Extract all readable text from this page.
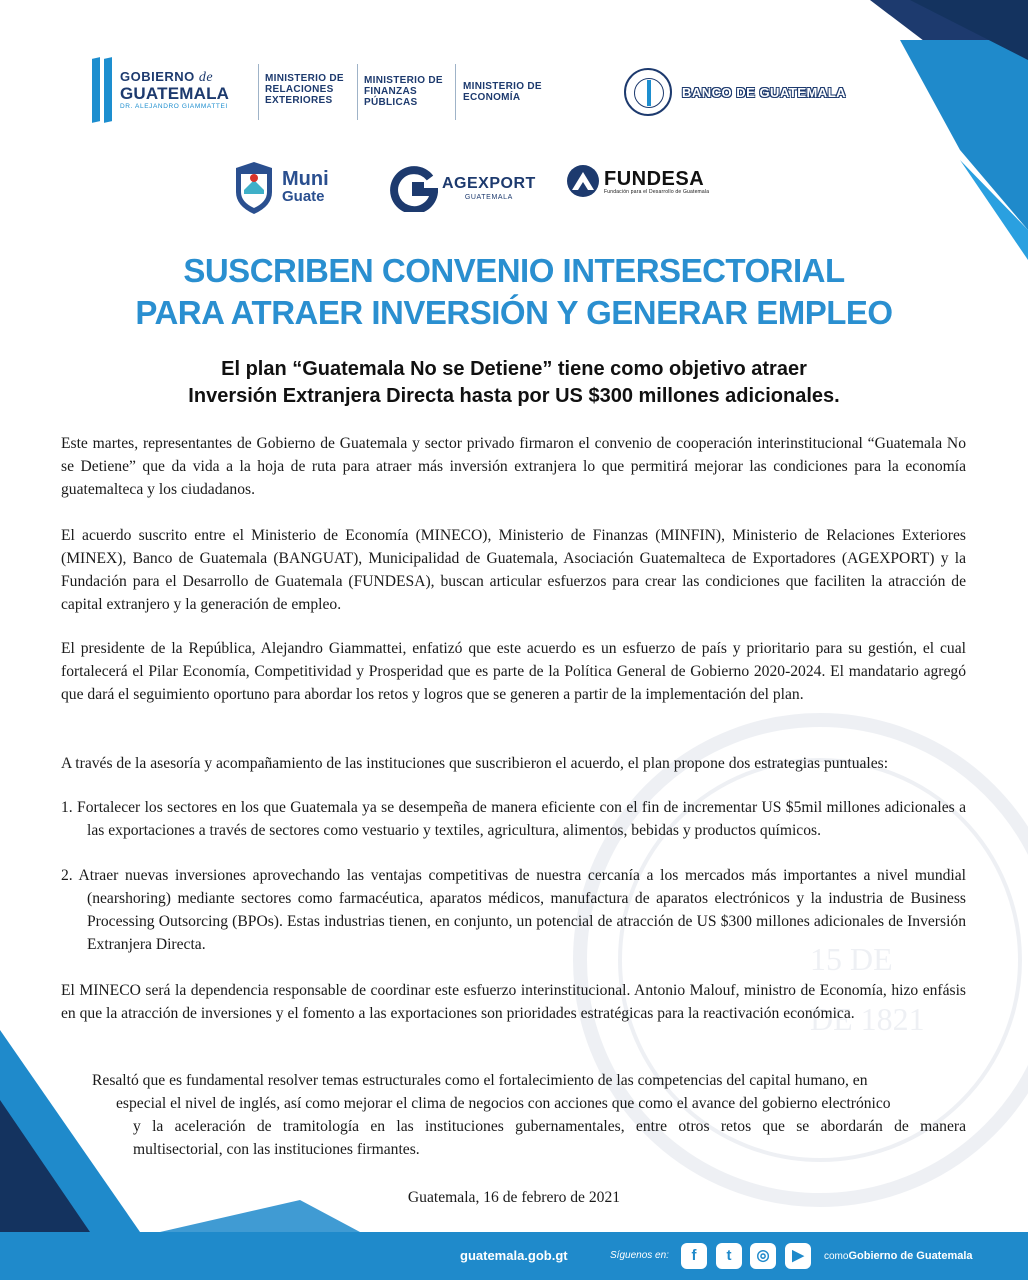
15 DE
DE 1821
GOBIERNO de
GUATEMALA
DR. ALEJANDRO GIAMMATTEI
MINISTERIO DE
RELACIONES
EXTERIORES
MINISTERIO DE
FINANZAS
PÚBLICAS
MINISTERIO DE
ECONOMÍA	BANCO DE GUATEMALA
Muni
Guate
AGEXPORT
GUATEMALA
FUNDESA
Fundación para el Desarrollo de Guatemala
SUSCRIBEN CONVENIO INTERSECTORIAL
PARA ATRAER INVERSIÓN Y GENERAR EMPLEO
El plan “Guatemala No se Detiene” tiene como objetivo atraer
Inversión Extranjera Directa hasta por US $300 millones adicionales.
Este martes, representantes de Gobierno de Guatemala y sector privado firmaron el convenio de cooperación interinstitucional “Guatemala No se Detiene” que da vida a la hoja de ruta para atraer más inversión extranjera lo que permitirá mejorar las condiciones para la economía guatemalteca y los ciudadanos.
El acuerdo suscrito entre el Ministerio de Economía (MINECO), Ministerio de Finanzas (MINFIN), Ministerio de Relaciones Exteriores (MINEX), Banco de Guatemala (BANGUAT), Municipalidad de Guatemala, Asociación Guatemalteca de Exportadores (AGEXPORT) y la Fundación para el Desarrollo de Guatemala (FUNDESA), buscan articular esfuerzos para crear las condiciones que faciliten la atracción de capital extranjero y la generación de empleo.
El presidente de la República, Alejandro Giammattei, enfatizó que este acuerdo es un esfuerzo de país y prioritario para su gestión, el cual fortalecerá el Pilar Economía, Competitividad y Prosperidad que es parte de la Política General de Gobierno 2020-2024. El mandatario agregó que dará el seguimiento oportuno para abordar los retos y logros que se generen a partir de la implementación del plan.
A través de la asesoría y acompañamiento de las instituciones que suscribieron el acuerdo, el plan propone dos estrategias puntuales:
1. Fortalecer los sectores en los que Guatemala ya se desempeña de manera eficiente con el fin de incrementar US $5mil millones adicionales a las exportaciones a través de sectores como vestuario y textiles, agricultura, alimentos, bebidas y productos químicos.
2. Atraer nuevas inversiones aprovechando las ventajas competitivas de nuestra cercanía a los mercados más importantes a nivel mundial (nearshoring) mediante sectores como farmacéutica, aparatos médicos, manufactura de aparatos electrónicos y la industria de Business Processing Outsorcing (BPOs). Estas industrias tienen, en conjunto, un potencial de atracción de US $300 millones adicionales de Inversión Extranjera Directa.
El MINECO será la dependencia responsable de coordinar este esfuerzo interinstitucional. Antonio Malouf, ministro de Economía, hizo enfásis en que la atracción de inversiones y el fomento a las exportaciones son prioridades estratégicas para la reactivación económica.
Resaltó que es fundamental resolver temas estructurales como el fortalecimiento de las competencias del capital humano, en
especial el nivel de inglés, así como mejorar el clima de negocios con acciones que como el avance del gobierno electrónico
y la aceleración de tramitología en las instituciones gubernamentales, entre otros retos que se abordarán de manera
multisectorial, con las instituciones firmantes.
Guatemala, 16 de febrero de 2021
guatemala.gob.gt	Síguenos en:	f	t	◎	▶	comoGobierno de Guatemala
